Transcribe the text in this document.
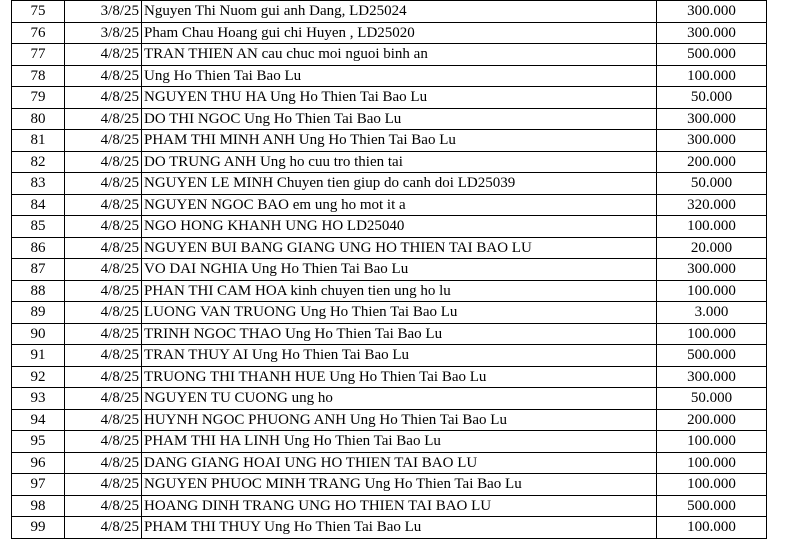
75	3/8/25	Nguyen Thi Nuom gui anh Dang, LD25024	300.000
76	3/8/25	Pham Chau Hoang gui chi Huyen , LD25020	300.000
77	4/8/25	TRAN THIEN AN cau chuc moi nguoi binh an	500.000
78	4/8/25	Ung Ho Thien Tai Bao Lu	100.000
79	4/8/25	NGUYEN THU HA Ung Ho Thien Tai Bao Lu	50.000
80	4/8/25	DO THI NGOC Ung Ho Thien Tai Bao Lu	300.000
81	4/8/25	PHAM THI MINH ANH Ung Ho Thien Tai Bao Lu	300.000
82	4/8/25	DO TRUNG ANH Ung ho cuu tro thien tai	200.000
83	4/8/25	NGUYEN LE MINH Chuyen tien giup do canh doi LD25039	50.000
84	4/8/25	NGUYEN NGOC BAO em ung ho mot it a	320.000
85	4/8/25	NGO HONG KHANH UNG HO LD25040	100.000
86	4/8/25	NGUYEN BUI BANG GIANG UNG HO THIEN TAI BAO LU	20.000
87	4/8/25	VO DAI NGHIA Ung Ho Thien Tai Bao Lu	300.000
88	4/8/25	PHAN THI CAM HOA kinh chuyen tien ung ho lu	100.000
89	4/8/25	LUONG VAN TRUONG Ung Ho Thien Tai Bao Lu	3.000
90	4/8/25	TRINH NGOC THAO Ung Ho Thien Tai Bao Lu	100.000
91	4/8/25	TRAN THUY AI Ung Ho Thien Tai Bao Lu	500.000
92	4/8/25	TRUONG THI THANH HUE Ung Ho Thien Tai Bao Lu	300.000
93	4/8/25	NGUYEN TU CUONG ung ho	50.000
94	4/8/25	HUYNH NGOC PHUONG ANH Ung Ho Thien Tai Bao Lu	200.000
95	4/8/25	PHAM THI HA LINH Ung Ho Thien Tai Bao Lu	100.000
96	4/8/25	DANG GIANG HOAI UNG HO THIEN TAI BAO LU	100.000
97	4/8/25	NGUYEN PHUOC MINH TRANG Ung Ho Thien Tai Bao Lu	100.000
98	4/8/25	HOANG DINH TRANG UNG HO THIEN TAI BAO LU	500.000
99	4/8/25	PHAM THI THUY Ung Ho Thien Tai Bao Lu	100.000
